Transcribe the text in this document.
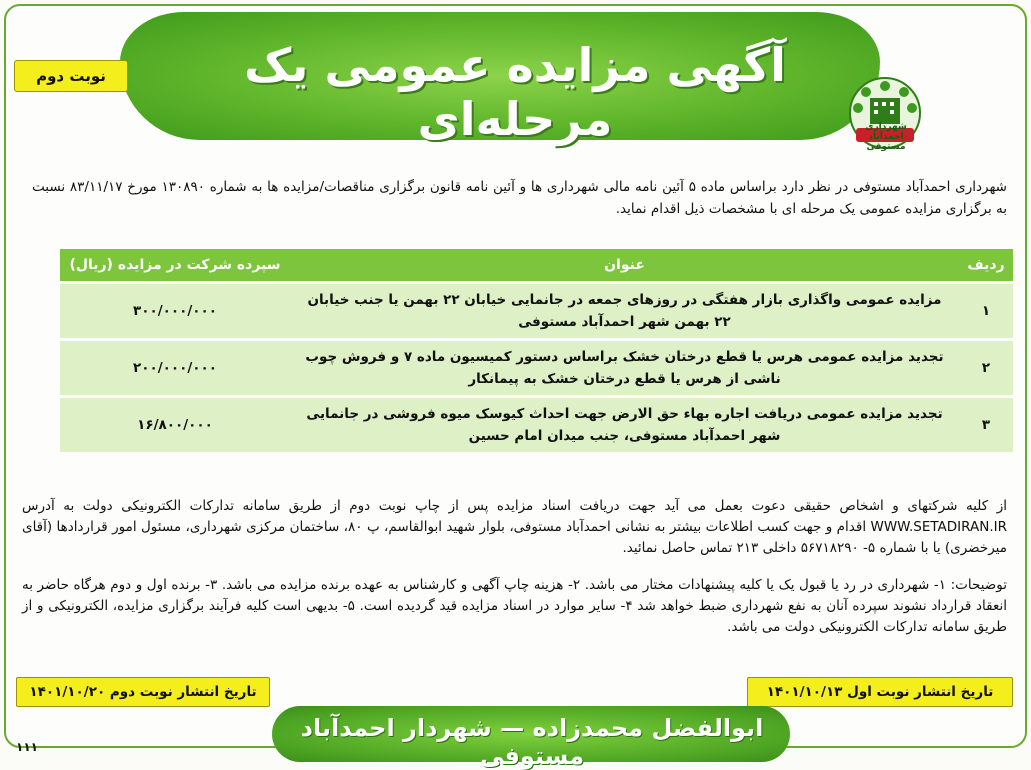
آگهی مزایده عمومی یک مرحله‌ای
نوبت دوم
شهرداری احمدآباد مستوفی
شهرداری احمدآباد مستوفی در نظر دارد براساس ماده ۵ آئین نامه مالی شهرداری ها و آئین نامه قانون برگزاری مناقصات/مزایده ها به شماره ۱۳۰۸۹۰ مورخ ۸۳/۱۱/۱۷ نسبت به برگزاری مزایده عمومی یک مرحله ای با مشخصات ذیل اقدام نماید.
ردیف	عنوان	سپرده شرکت در مزایده (ریال)
۱	مزایده عمومی واگذاری بازار هفتگی در روزهای جمعه در جانمایی خیابان ۲۲ بهمن یا جنب خیابان ۲۲ بهمن شهر احمدآباد مستوفی	۳۰۰/۰۰۰/۰۰۰
۲	تجدید مزایده عمومی هرس یا قطع درختان خشک براساس دستور کمیسیون ماده ۷ و فروش چوب ناشی از هرس یا قطع درختان خشک به پیمانکار	۲۰۰/۰۰۰/۰۰۰
۳	تجدید مزایده عمومی دریافت اجاره بهاء حق الارض جهت احداث کیوسک میوه فروشی در جانمایی شهر احمدآباد مستوفی، جنب میدان امام حسین	۱۶/۸۰۰/۰۰۰
از کلیه شرکتهای و اشخاص حقیقی دعوت بعمل می آید جهت دریافت اسناد مزایده پس از چاپ نوبت دوم از طریق سامانه تدارکات الکترونیکی دولت به آدرس WWW.SETADIRAN.IR اقدام و جهت کسب اطلاعات بیشتر به نشانی احمدآباد مستوفی، بلوار شهید ابوالقاسم، پ ۸۰، ساختمان مرکزی شهرداری، مسئول امور قراردادها (آقای میرخضری) یا با شماره ۵- ۵۶۷۱۸۲۹۰ داخلی ۲۱۳ تماس حاصل نمائید.
توضیحات: ۱- شهرداری در رد یا قبول یک یا کلیه پیشنهادات مختار می باشد. ۲- هزینه چاپ آگهی و کارشناس به عهده برنده مزایده می باشد. ۳- برنده اول و دوم هرگاه حاضر به انعقاد قرارداد نشوند سپرده آنان به نفع شهرداری ضبط خواهد شد ۴- سایر موارد در اسناد مزایده قید گردیده است. ۵- بدیهی است کلیه فرآیند برگزاری مزایده، الکترونیکی و از طریق سامانه تدارکات الکترونیکی دولت می باشد.
تاریخ انتشار نوبت اول ۱۴۰۱/۱۰/۱۳
تاریخ انتشار نوبت دوم ۱۴۰۱/۱۰/۲۰
ابوالفضل محمدزاده — شهردار احمدآباد مستوفی
۱۱۱
